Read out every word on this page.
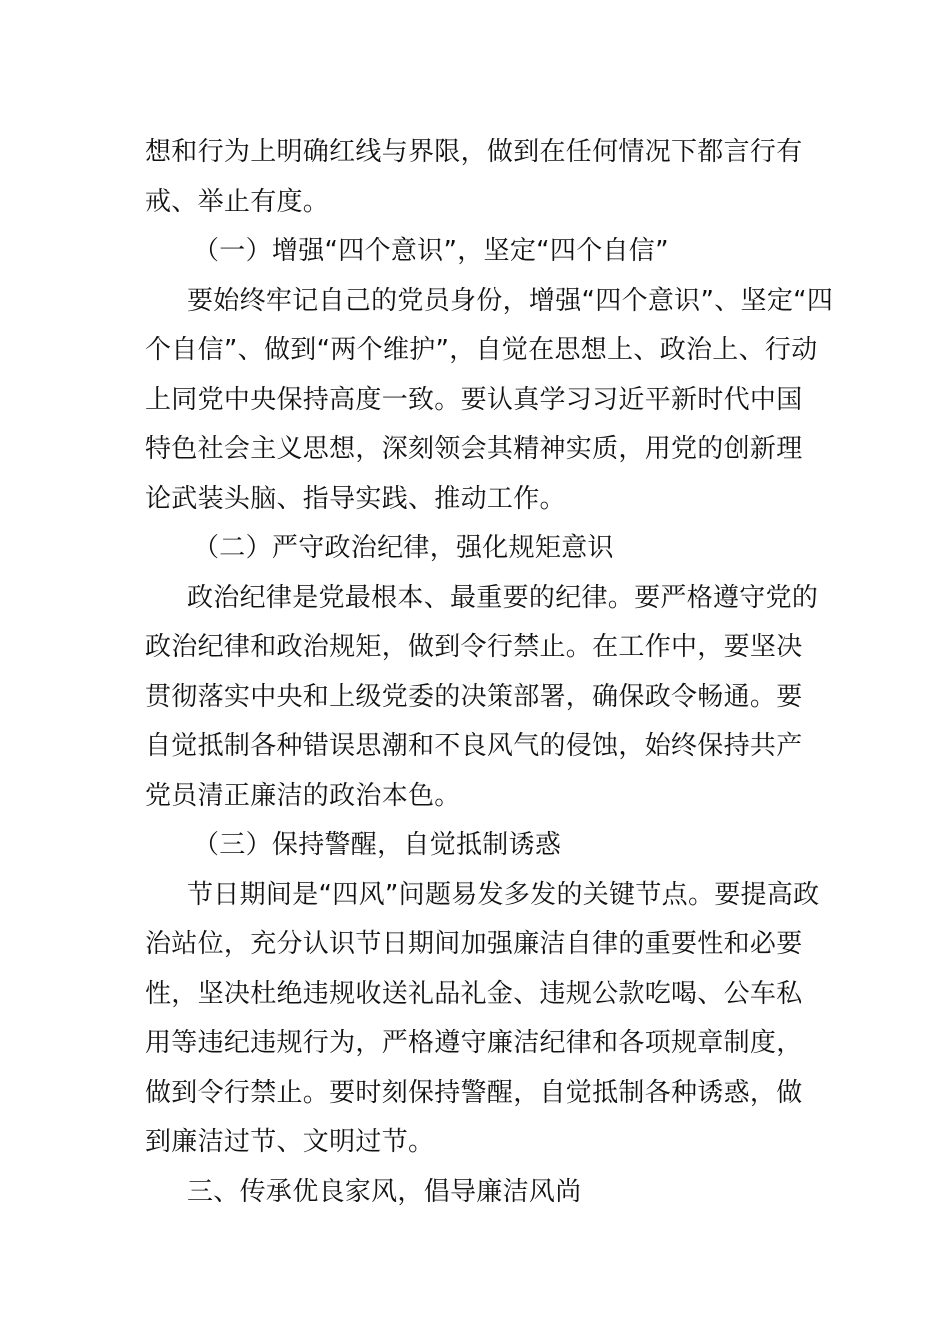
想和行为上明确红线与界限，做到在任何情况下都言行有
戒、举止有度。
（一）增强“四个意识”，坚定“四个自信”
要始终牢记自己的党员身份，增强“四个意识”、坚定“四
个自信”、做到“两个维护”，自觉在思想上、政治上、行动
上同党中央保持高度一致。要认真学习习近平新时代中国
特色社会主义思想，深刻领会其精神实质，用党的创新理
论武装头脑、指导实践、推动工作。
（二）严守政治纪律，强化规矩意识
政治纪律是党最根本、最重要的纪律。要严格遵守党的
政治纪律和政治规矩，做到令行禁止。在工作中，要坚决
贯彻落实中央和上级党委的决策部署，确保政令畅通。要
自觉抵制各种错误思潮和不良风气的侵蚀，始终保持共产
党员清正廉洁的政治本色。
（三）保持警醒，自觉抵制诱惑
节日期间是“四风”问题易发多发的关键节点。要提高政
治站位，充分认识节日期间加强廉洁自律的重要性和必要
性，坚决杜绝违规收送礼品礼金、违规公款吃喝、公车私
用等违纪违规行为，严格遵守廉洁纪律和各项规章制度，
做到令行禁止。要时刻保持警醒，自觉抵制各种诱惑，做
到廉洁过节、文明过节。
三、传承优良家风，倡导廉洁风尚
